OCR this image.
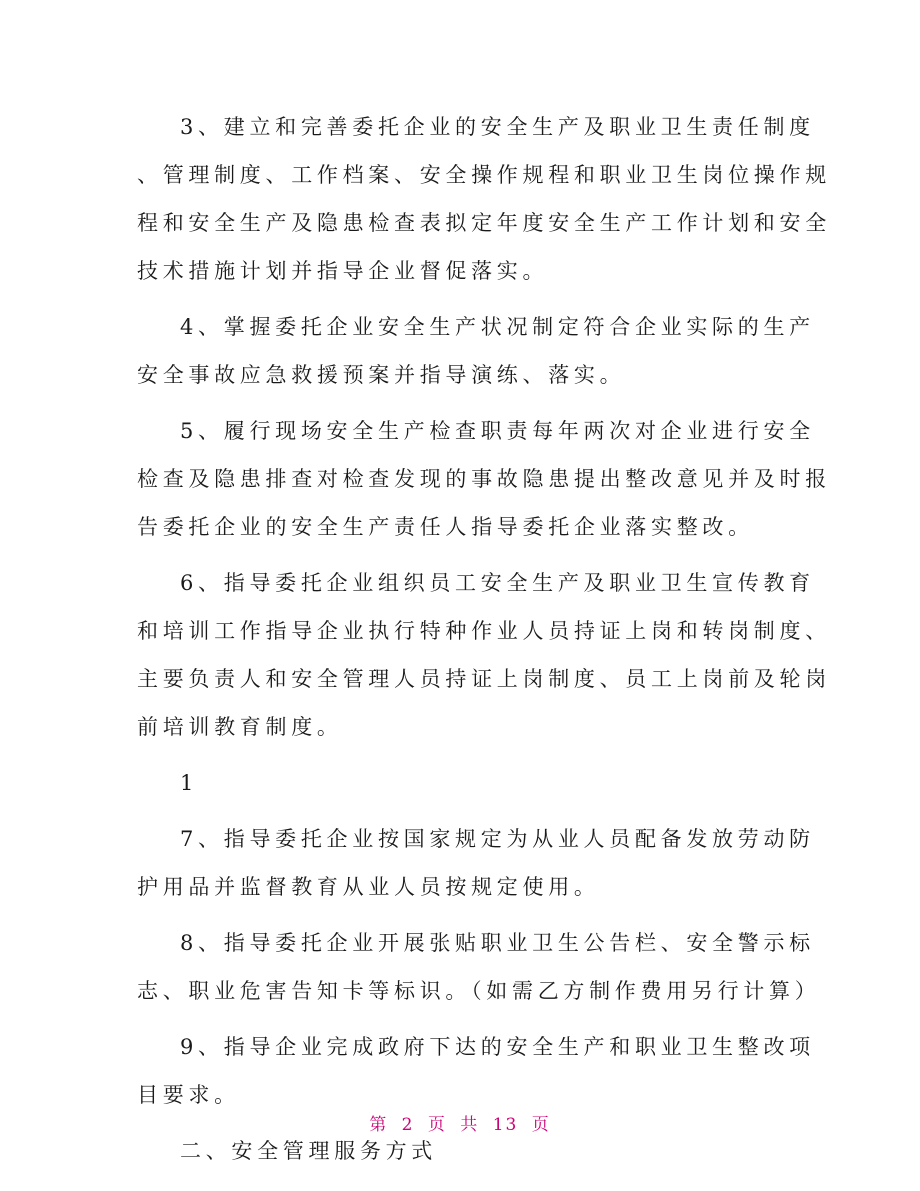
3、建立和完善委托企业的安全生产及职业卫生责任制度
、管理制度、工作档案、安全操作规程和职业卫生岗位操作规
程和安全生产及隐患检查表拟定年度安全生产工作计划和安全
技术措施计划并指导企业督促落实。
4、掌握委托企业安全生产状况制定符合企业实际的生产
安全事故应急救援预案并指导演练、落实。
5、履行现场安全生产检查职责每年两次对企业进行安全
检查及隐患排查对检查发现的事故隐患提出整改意见并及时报
告委托企业的安全生产责任人指导委托企业落实整改。
6、指导委托企业组织员工安全生产及职业卫生宣传教育
和培训工作指导企业执行特种作业人员持证上岗和转岗制度、
主要负责人和安全管理人员持证上岗制度、员工上岗前及轮岗
前培训教育制度。
1
7、指导委托企业按国家规定为从业人员配备发放劳动防
护用品并监督教育从业人员按规定使用。
8、指导委托企业开展张贴职业卫生公告栏、安全警示标
志、职业危害告知卡等标识。（如需乙方制作费用另行计算）
9、指导企业完成政府下达的安全生产和职业卫生整改项
目要求。
二、安全管理服务方式
第 2 页 共 13 页
